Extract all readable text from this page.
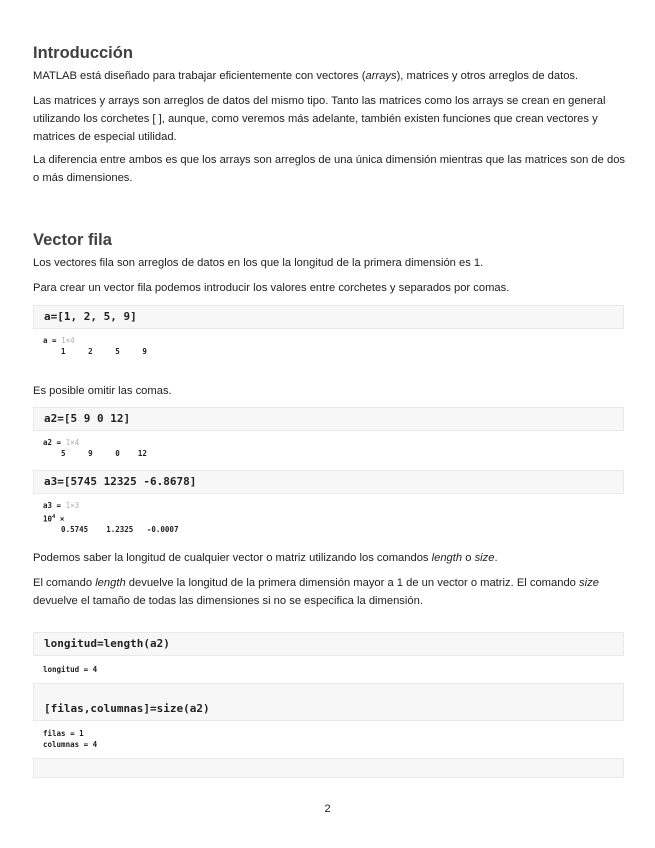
Introducción

MATLAB está diseñado para trabajar eficientemente con vectores (arrays), matrices y otros arreglos de datos.

Las matrices y arrays son arreglos de datos del mismo tipo. Tanto las matrices como los arrays se crean en general utilizando los corchetes [ ], aunque, como veremos más adelante, también existen funciones que crean vectores y matrices de especial utilidad.

La diferencia entre ambos es que los arrays son arreglos de una única dimensión mientras que las matrices son de dos o más dimensiones.

Vector fila

Los vectores fila son arreglos de datos en los que la longitud de la primera dimensión es 1.

Para crear un vector fila podemos introducir los valores entre corchetes y separados por comas.

a=[1, 2, 5, 9]
a = 1×4
1     2     5     9

Es posible omitir las comas.

a2=[5 9 0 12]
a2 = 1×4
5     9     0    12
a3=[5745 12325 -6.8678]
a3 = 1×3
$10^4$ ×
0.5745    1.2325   -0.0007

Podemos saber la longitud de cualquier vector o matriz utilizando los comandos length o size.

El comando length devuelve la longitud de la primera dimensión mayor a 1 de un vector o matriz. El comando size devuelve el tamaño de todas las dimensiones si no se especifica la dimensión.

longitud=length(a2)
longitud = 4
[filas,columnas]=size(a2)
filas = 1
columnas = 4
2
